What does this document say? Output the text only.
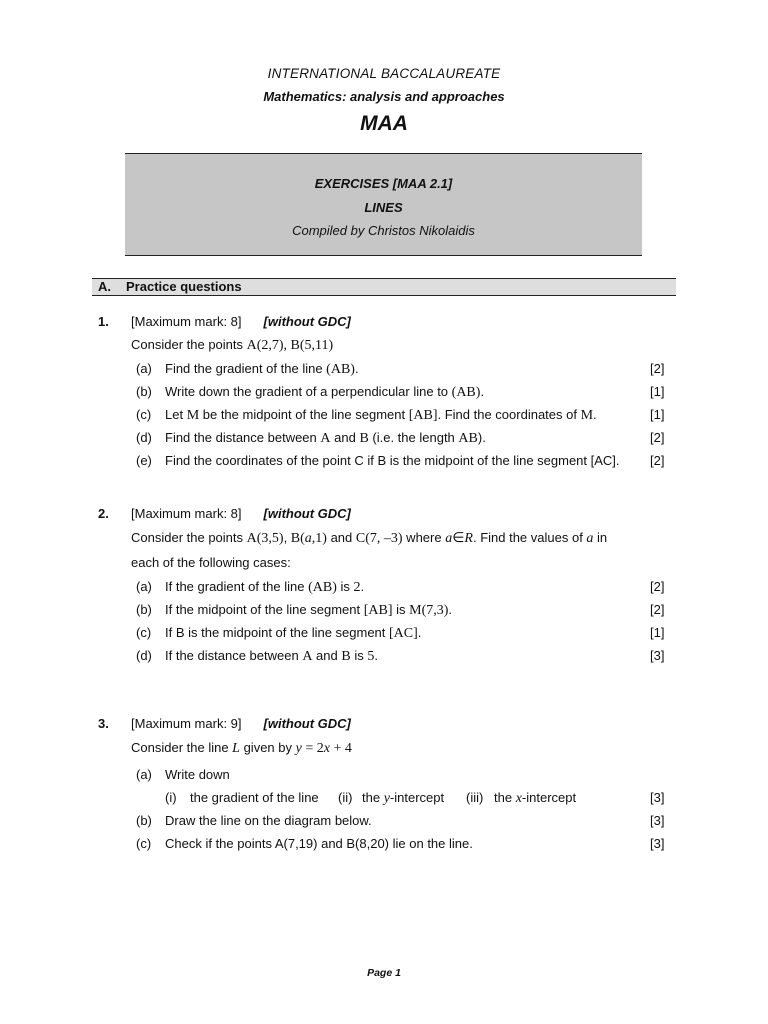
INTERNATIONAL BACCALAUREATE
Mathematics: analysis and approaches
MAA
EXERCISES [MAA 2.1]
LINES
Compiled by Christos Nikolaidis
A. Practice questions
1. [Maximum mark: 8] [without GDC]
Consider the points A(2,7), B(5,11)
(a) Find the gradient of the line (AB).	[2]
(b) Write down the gradient of a perpendicular line to (AB).	[1]
(c) Let M be the midpoint of the line segment [AB]. Find the coordinates of M.	[1]
(d) Find the distance between A and B (i.e. the length AB).	[2]
(e) Find the coordinates of the point C if B is the midpoint of the line segment [AC]. [2]
2. [Maximum mark: 8] [without GDC]
Consider the points A(3,5), B(a,1) and C(7, –3) where a∈R. Find the values of a in
each of the following cases:
(a) If the gradient of the line (AB) is 2.	[2]
(b) If the midpoint of the line segment [AB] is M(7,3).	[2]
(c) If B is the midpoint of the line segment [AC].	[1]
(d) If the distance between A and B is 5.	[3]
3. [Maximum mark: 9] [without GDC]
Consider the line L given by y = 2x + 4
(a) Write down
(i) the gradient of the line (ii) the y-intercept (iii) the x-intercept	[3]
(b) Draw the line on the diagram below.	[3]
(c) Check if the points A(7,19) and B(8,20) lie on the line.	[3]
Page 1
